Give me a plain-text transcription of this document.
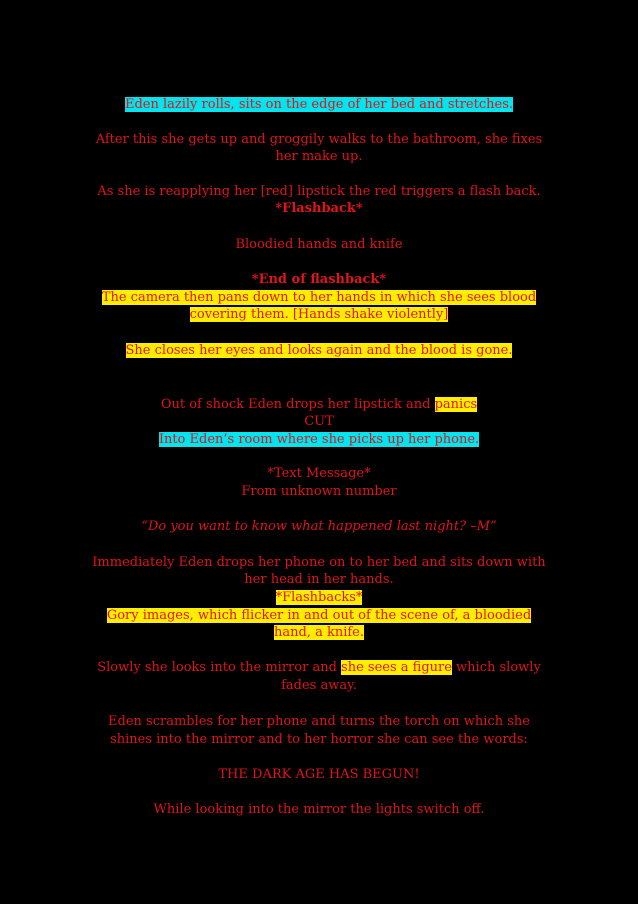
Eden lazily rolls, sits on the edge of her bed and stretches.
After this she gets up and groggily walks to the bathroom, she fixes
her make up.
As she is reapplying her [red] lipstick the red triggers a flash back.
*Flashback*
Bloodied hands and knife
*End of flashback*
The camera then pans down to her hands in which she sees blood
covering them. [Hands shake violently]
She closes her eyes and looks again and the blood is gone.
Out of shock Eden drops her lipstick and panics
CUT
Into Eden’s room where she picks up her phone.
*Text Message*
From unknown number
“Do you want to know what happened last night? –M”
Immediately Eden drops her phone on to her bed and sits down with
her head in her hands.
*Flashbacks*
Gory images, which flicker in and out of the scene of, a bloodied
hand, a knife.
Slowly she looks into the mirror and she sees a figure which slowly
fades away.
Eden scrambles for her phone and turns the torch on which she
shines into the mirror and to her horror she can see the words:
THE DARK AGE HAS BEGUN!
While looking into the mirror the lights switch off.
